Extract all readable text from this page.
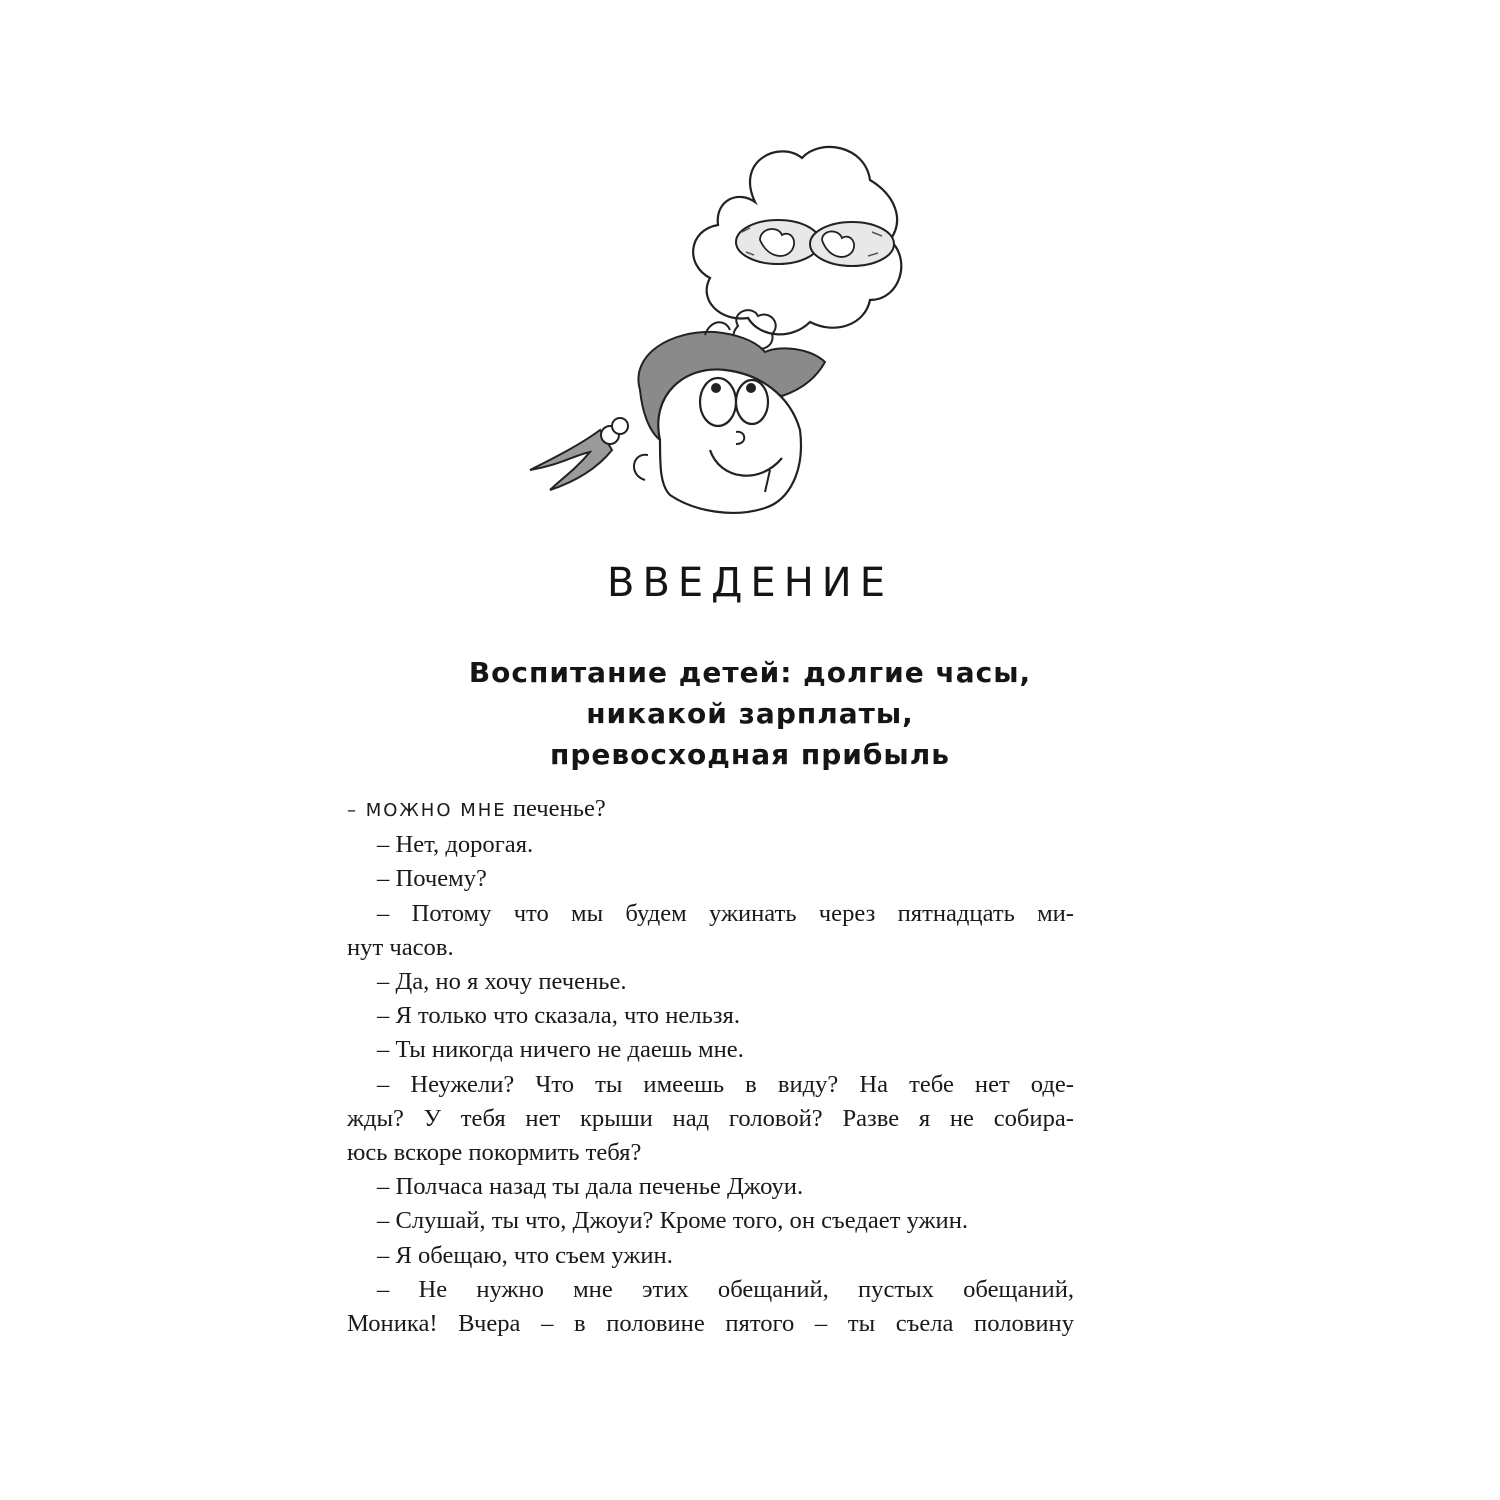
ВВЕДЕНИЕ
Воспитание детей: долгие часы,
никакой зарплаты,
превосходная прибыль
– МОЖНО МНЕ печенье?
– Нет, дорогая.
– Почему?
– Потому что мы будем ужинать через пятнадцать ми-
нут часов.
– Да, но я хочу печенье.
– Я только что сказала, что нельзя.
– Ты никогда ничего не даешь мне.
– Неужели? Что ты имеешь в виду? На тебе нет оде-
жды? У тебя нет крыши над головой? Разве я не собира-
юсь вскоре покормить тебя?
– Полчаса назад ты дала печенье Джоуи.
– Слушай, ты что, Джоуи? Кроме того, он съедает ужин.
– Я обещаю, что съем ужин.
– Не нужно мне этих обещаний, пустых обещаний,
Моника! Вчера – в половине пятого – ты съела половину
